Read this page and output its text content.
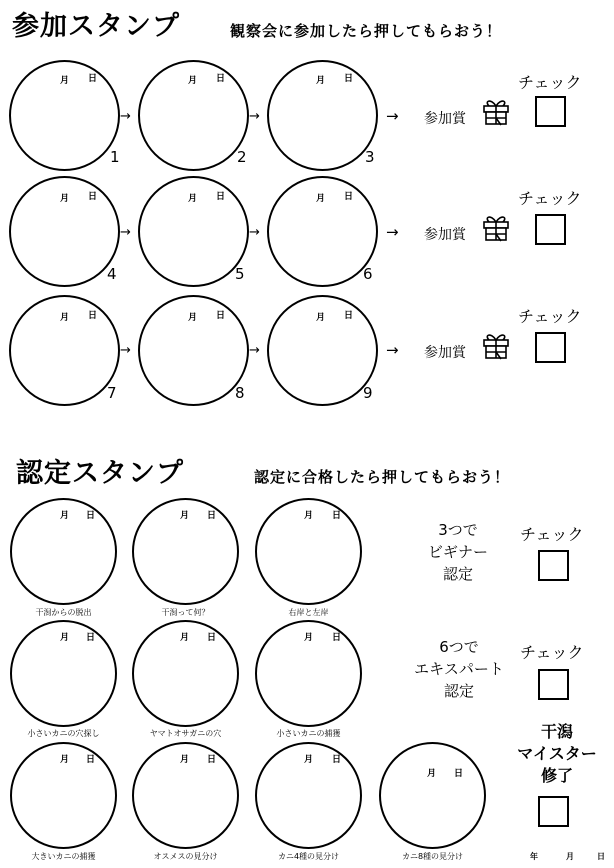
参加スタンプ	観察会に参加したら押してもらおう！
月 日
1
→
月 日
2
→
月 日
3
→ 参加賞
チェック
月 日
4
→
月 日
5
→
月 日
6
→ 参加賞
チェック
月 日
7
→
月 日
8
→
月 日
9
→ 参加賞
チェック
認定スタンプ	認定に合格したら押してもらおう！
月 日
干潟からの脱出
月 日
干潟って何？
月 日
右岸と左岸
3つで
ビギナー
認定
チェック
月 日
小さいカニの穴探し
月 日
ヤマトオサガニの穴
月 日
小さいカニの捕獲
6つで
エキスパート
認定
チェック
月 日
大きいカニの捕獲
月 日
オスメスの見分け
月 日
カニ4種の見分け
月 日
カニ8種の見分け
干潟
マイスター
修了
年	月	日
